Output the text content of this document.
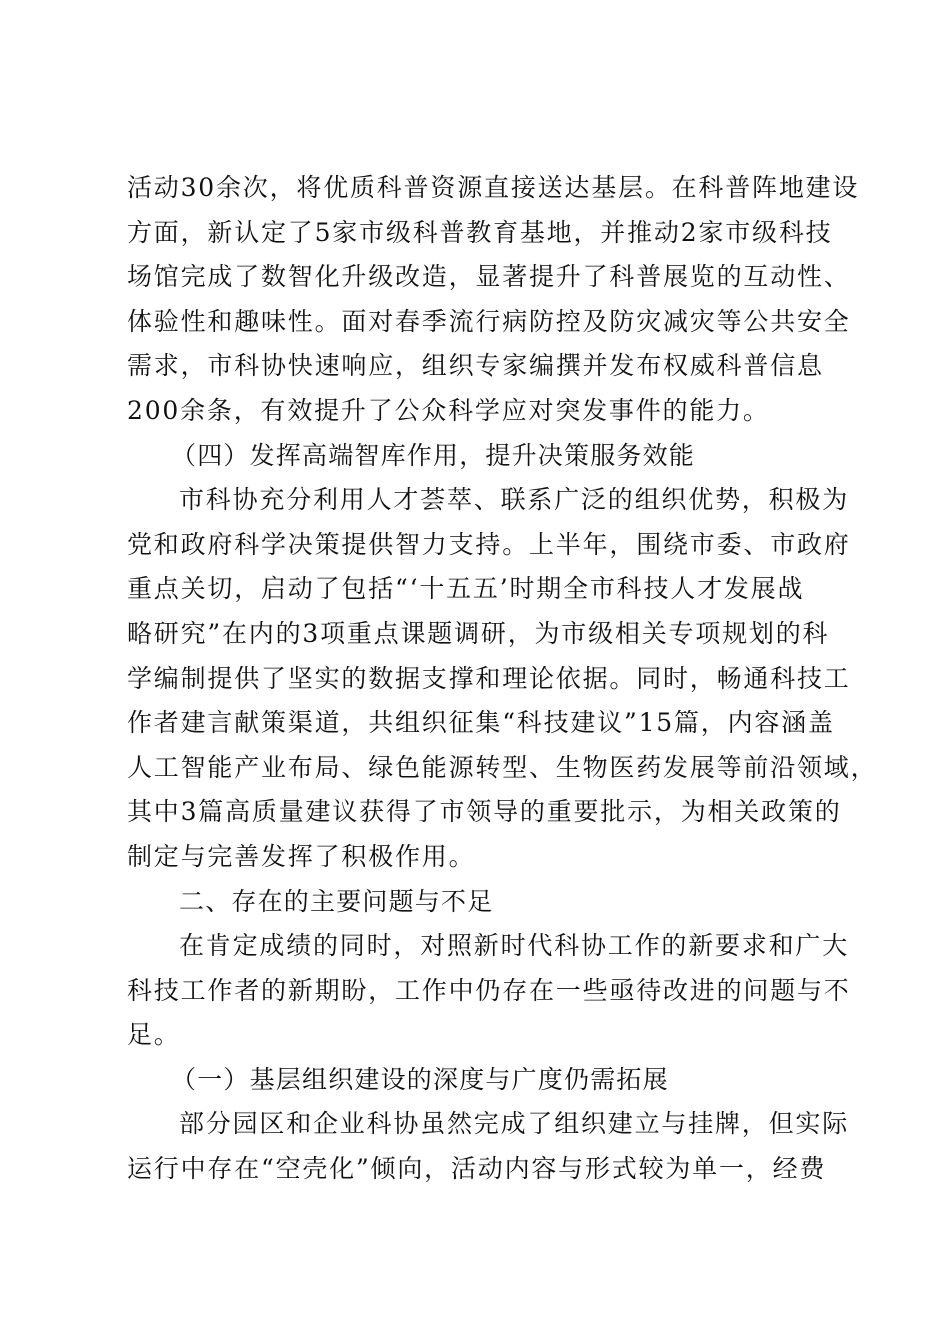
活动30余次，将优质科普资源直接送达基层。在科普阵地建设
方面，新认定了5家市级科普教育基地，并推动2家市级科技
场馆完成了数智化升级改造，显著提升了科普展览的互动性、
体验性和趣味性。面对春季流行病防控及防灾减灾等公共安全
需求，市科协快速响应，组织专家编撰并发布权威科普信息
200余条，有效提升了公众科学应对突发事件的能力。
（四）发挥高端智库作用，提升决策服务效能
市科协充分利用人才荟萃、联系广泛的组织优势，积极为
党和政府科学决策提供智力支持。上半年，围绕市委、市政府
重点关切，启动了包括“‘十五五’时期全市科技人才发展战
略研究”在内的3项重点课题调研，为市级相关专项规划的科
学编制提供了坚实的数据支撑和理论依据。同时，畅通科技工
作者建言献策渠道，共组织征集“科技建议”15篇，内容涵盖
人工智能产业布局、绿色能源转型、生物医药发展等前沿领域，
其中3篇高质量建议获得了市领导的重要批示，为相关政策的
制定与完善发挥了积极作用。
二、存在的主要问题与不足
在肯定成绩的同时，对照新时代科协工作的新要求和广大
科技工作者的新期盼，工作中仍存在一些亟待改进的问题与不
足。
（一）基层组织建设的深度与广度仍需拓展
部分园区和企业科协虽然完成了组织建立与挂牌，但实际
运行中存在“空壳化”倾向，活动内容与形式较为单一，经费
